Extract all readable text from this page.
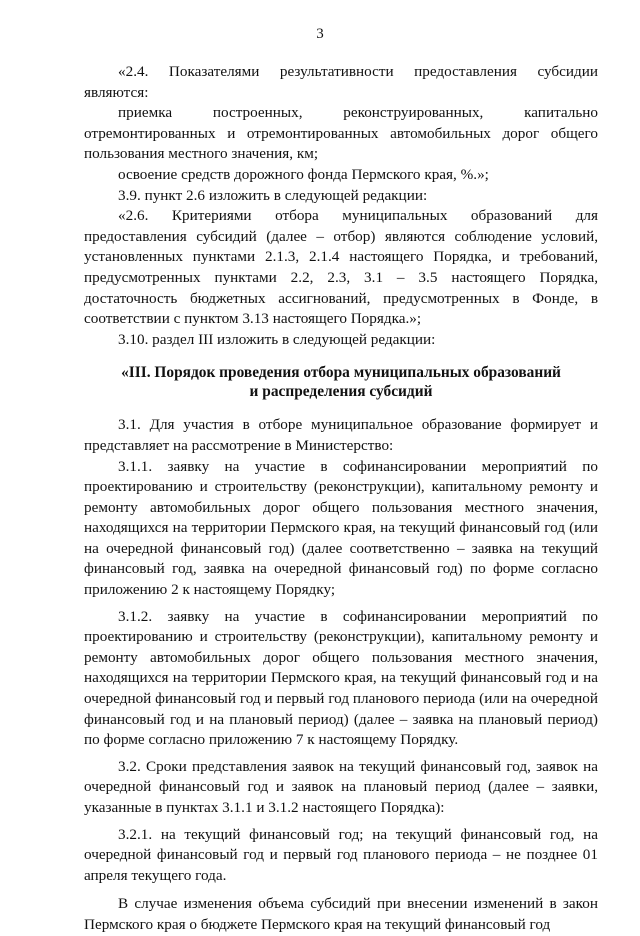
3

«2.4. Показателями результативности предоставления субсидии являются:

приемка построенных, реконструированных, капитально отремонтированных и отремонтированных автомобильных дорог общего пользования местного значения, км;

освоение средств дорожного фонда Пермского края, %.»;

3.9. пункт 2.6 изложить в следующей редакции:

«2.6. Критериями отбора муниципальных образований для предоставления субсидий (далее – отбор) являются соблюдение условий, установленных пунктами 2.1.3, 2.1.4 настоящего Порядка, и требований, предусмотренных пунктами 2.2, 2.3, 3.1 – 3.5 настоящего Порядка, достаточность бюджетных ассигнований, предусмотренных в Фонде, в соответствии с пунктом 3.13 настоящего Порядка.»;

3.10. раздел III изложить в следующей редакции:

«III. Порядок проведения отбора муниципальных образований
и распределения субсидий

3.1. Для участия в отборе муниципальное образование формирует и представляет на рассмотрение в Министерство:

3.1.1. заявку на участие в софинансировании мероприятий по проектированию и строительству (реконструкции), капитальному ремонту и ремонту автомобильных дорог общего пользования местного значения, находящихся на территории Пермского края, на текущий финансовый год (или на очередной финансовый год) (далее соответственно – заявка на текущий финансовый год, заявка на очередной финансовый год) по форме согласно приложению 2 к настоящему Порядку;

3.1.2. заявку на участие в софинансировании мероприятий по проектированию и строительству (реконструкции), капитальному ремонту и ремонту автомобильных дорог общего пользования местного значения, находящихся на территории Пермского края, на текущий финансовый год и на очередной финансовый год и первый год планового периода (или на очередной финансовый год и на плановый период) (далее – заявка на плановый период) по форме согласно приложению 7 к настоящему Порядку.

3.2. Сроки представления заявок на текущий финансовый год, заявок на очередной финансовый год и заявок на плановый период (далее – заявки, указанные в пунктах 3.1.1 и 3.1.2 настоящего Порядка):

3.2.1. на текущий финансовый год; на текущий финансовый год, на очередной финансовый год и первый год планового периода – не позднее 01 апреля текущего года.

В случае изменения объема субсидий при внесении изменений в закон Пермского края о бюджете Пермского края на текущий финансовый год
